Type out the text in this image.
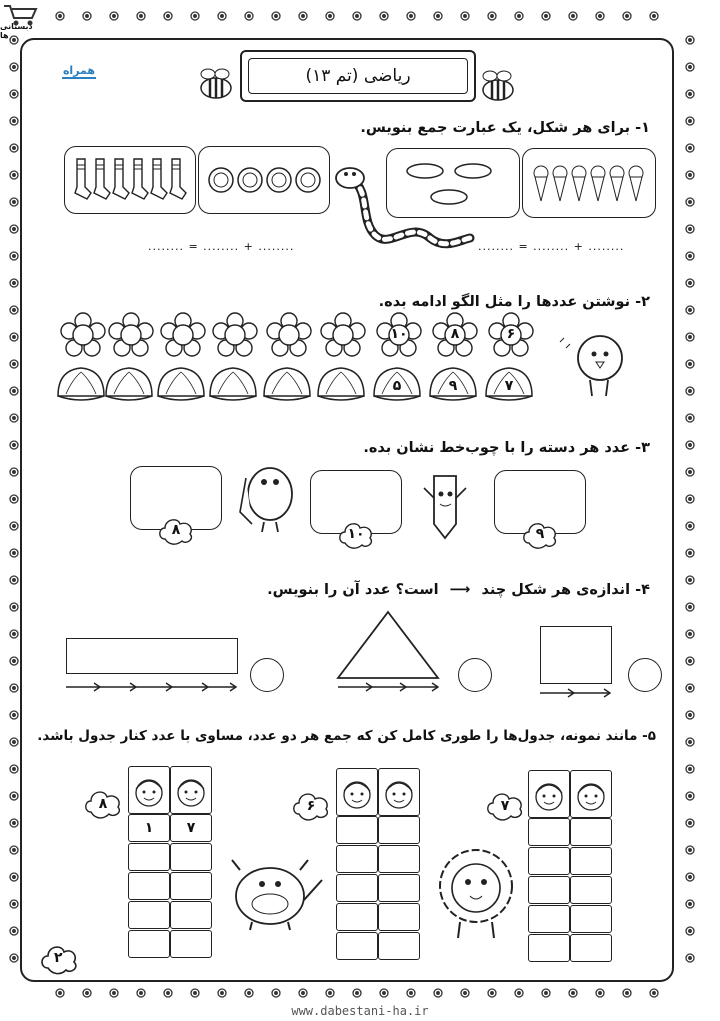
دبستانی ها
همراه	ریاضی (تم ۱۳)
۱- برای هر شکل، یک عبارت جمع بنویس.
........ + ........ = ........	........ + ........ = ........
۲- نوشتن عددها را مثل الگو ادامه بده.
۶
۸
۱۰
۷
۹
۵
۳- عدد هر دسته را با چوب‌خط نشان بده.
۸	۱۰	۹
۴- اندازه‌ی هر شکل چند ⟶ است؟ عدد آن را بنویس.
۵- مانند نمونه، جدول‌ها را طوری کامل کن که جمع هر دو عدد، مساوی با عدد کنار جدول باشد.
۸
۱	۷
۶	۷
۲
www.dabestani-ha.ir
